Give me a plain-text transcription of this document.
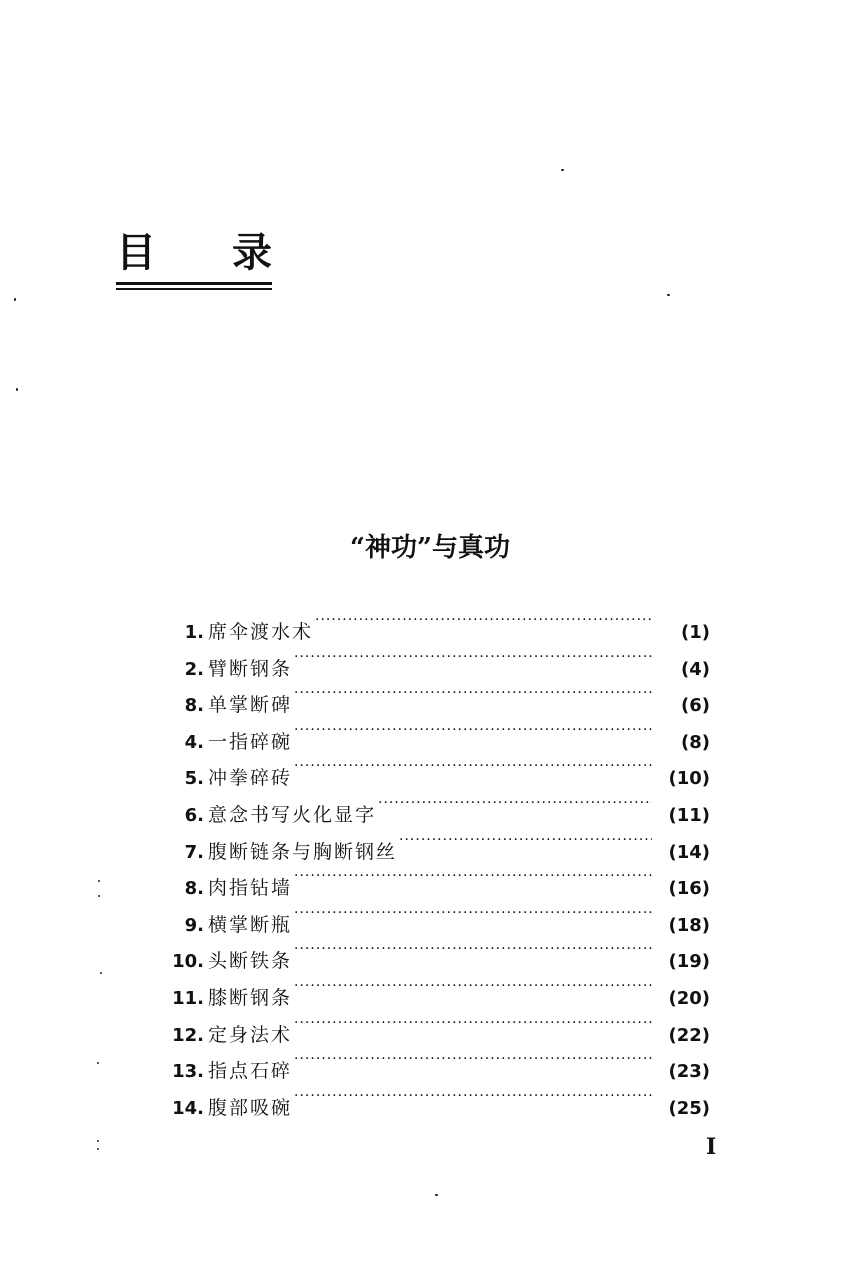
目 录
“神功”与真功
1. 席伞渡水术 ·····	(1)
2. 臂断钢条 ·····	(4)
8. 单掌断碑 ·····	(6)
4. 一指碎碗 ·····	(8)
5. 冲拳碎砖 ·····	(10)
6. 意念书写火化显字 ·····	(11)
7. 腹断链条与胸断钢丝 ·····	(14)
8. 肉指钻墙 ·····	(16)
9. 横掌断瓶 ·····	(18)
10. 头断铁条 ·····	(19)
11. 膝断钢条 ·····	(20)
12. 定身法术 ·····	(22)
13. 指点石碎 ·····	(23)
14. 腹部吸碗 ·····	(25)
I
